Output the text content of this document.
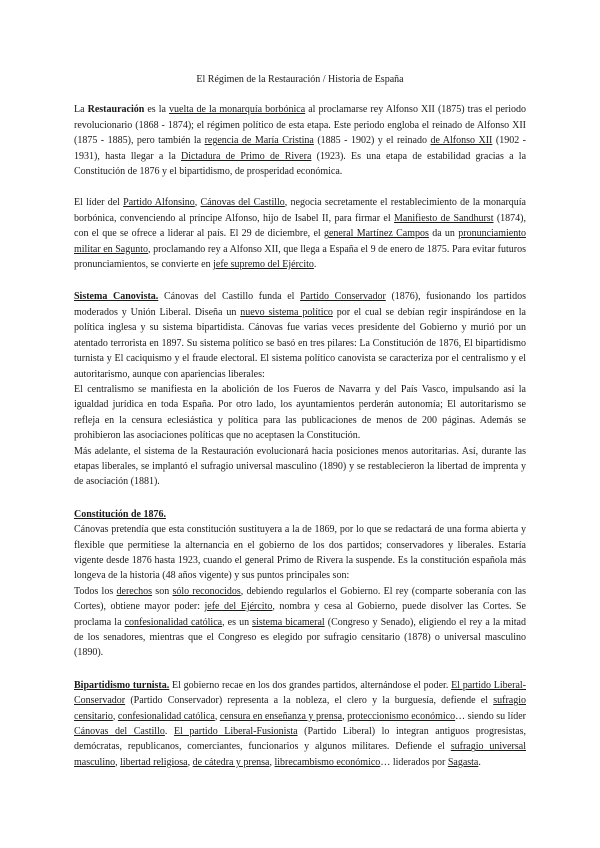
El Régimen de la Restauración / Historia de España

La Restauración es la vuelta de la monarquía borbónica al proclamarse rey Alfonso XII (1875) tras el periodo revolucionario (1868 - 1874); el régimen político de esta etapa. Este periodo engloba el reinado de Alfonso XII (1875 - 1885), pero también la regencia de María Cristina (1885 - 1902) y el reinado de Alfonso XII (1902 - 1931), hasta llegar a la Dictadura de Primo de Rivera (1923). Es una etapa de estabilidad gracias a la Constitución de 1876 y el bipartidismo, de prosperidad económica.

El líder del Partido Alfonsino, Cánovas del Castillo, negocia secretamente el restablecimiento de la monarquía borbónica, convenciendo al príncipe Alfonso, hijo de Isabel II, para firmar el Manifiesto de Sandhurst (1874), con el que se ofrece a liderar al país. El 29 de diciembre, el general Martínez Campos da un pronunciamiento militar en Sagunto, proclamando rey a Alfonso XII, que llega a España el 9 de enero de 1875. Para evitar futuros pronunciamientos, se convierte en jefe supremo del Ejército.

Sistema Canovista. Cánovas del Castillo funda el Partido Conservador (1876), fusionando los partidos moderados y Unión Liberal. Diseña un nuevo sistema político por el cual se debían regir inspirándose en la política inglesa y su sistema bipartidista. Cánovas fue varias veces presidente del Gobierno y murió por un atentado terrorista en 1897. Su sistema político se basó en tres pilares: La Constitución de 1876, El bipartidismo turnista y El caciquismo y el fraude electoral. El sistema político canovista se caracteriza por el centralismo y el autoritarismo, aunque con apariencias liberales:

El centralismo se manifiesta en la abolición de los Fueros de Navarra y del País Vasco, impulsando así la igualdad jurídica en toda España. Por otro lado, los ayuntamientos perderán autonomía; El autoritarismo se refleja en la censura eclesiástica y política para las publicaciones de menos de 200 páginas. Además se prohibieron las asociaciones políticas que no aceptasen la Constitución.

Más adelante, el sistema de la Restauración evolucionará hacia posiciones menos autoritarias. Así, durante las etapas liberales, se implantó el sufragio universal masculino (1890) y se restablecieron la libertad de imprenta y de asociación (1881).

Constitución de 1876.

Cánovas pretendía que esta constitución sustituyera a la de 1869, por lo que se redactará de una forma abierta y flexible que permitiese la alternancia en el gobierno de los dos partidos; conservadores y liberales. Estaría vigente desde 1876 hasta 1923, cuando el general Primo de Rivera la suspende. Es la constitución española más longeva de la historia (48 años vigente) y sus puntos principales son:

Todos los derechos son sólo reconocidos, debiendo regularlos el Gobierno. El rey (comparte soberanía con las Cortes), obtiene mayor poder: jefe del Ejército, nombra y cesa al Gobierno, puede disolver las Cortes. Se proclama la confesionalidad católica, es un sistema bicameral (Congreso y Senado), eligiendo el rey a la mitad de los senadores, mientras que el Congreso es elegido por sufragio censitario (1878) o universal masculino (1890).

Bipartidismo turnista. El gobierno recae en los dos grandes partidos, alternándose el poder. El partido Liberal-Conservador (Partido Conservador) representa a la nobleza, el clero y la burguesía, defiende el sufragio censitario, confesionalidad católica, censura en enseñanza y prensa, proteccionismo económico… siendo su líder Cánovas del Castillo. El partido Liberal-Fusionista (Partido Liberal) lo integran antiguos progresistas, demócratas, republicanos, comerciantes, funcionarios y algunos militares. Defiende el sufragio universal masculino, libertad religiosa, de cátedra y prensa, librecambismo económico… liderados por Sagasta.
